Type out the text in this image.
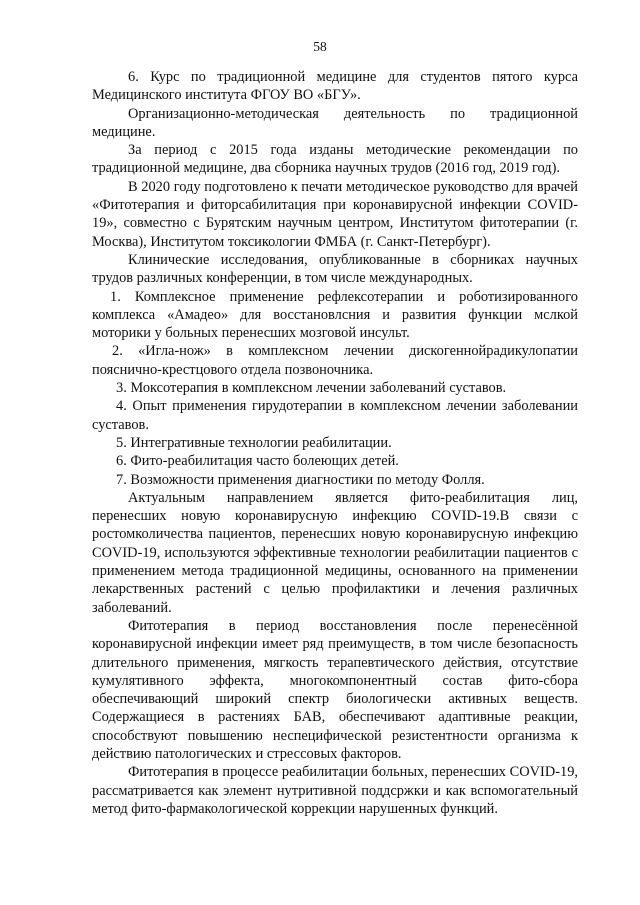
58

6. Курс по традиционной медицине для студентов пятого курса Медицинского института ФГОУ ВО «БГУ».

Организационно-методическая деятельность по традиционной медицине.

За период с 2015 года изданы методические рекомендации по традиционной медицине, два сборника научных трудов (2016 год, 2019 год).

В 2020 году подготовлено к печати методическое руководство для врачей «Фитотерапия и фиторсабилитация при коронавирусной инфекции COVID-19», совместно с Бурятским научным центром, Институтом фитотерапии (г. Москва), Институтом токсикологии ФМБА (г. Санкт-Петербург).

Клинические исследования, опубликованные в сборниках научных трудов различных конференции, в том числе международных.

1. Комплексное применение рефлексотерапии и роботизированного комплекса «Амадео» для восстановлсния и развития функции мслкой моторики у больных перенесших мозговой инсульт.

2. «Игла-нож» в комплексном лечении дискогеннойрадикулопатии пояснично-крестцового отдела позвоночника.

3. Моксотерапия в комплексном лечении заболеваний суставов.

4. Опыт применения гирудотерапии в комплексном лечении заболевании суставов.

5. Интегративные технологии реабилитации.

6. Фито-реабилитация часто болеющих детей.

7. Возможности применения диагностики по методу Фолля.

Актуальным направлением является фито-реабилитация лиц, перенесших новую коронавирусную инфекцию COVID-19.В связи с ростомколичества пациентов, перенесших новую коронавирусную инфекцию COVID-19, используются эффективные технологии реабилитации пациентов с применением метода традиционной медицины, основанного на применении лекарственных растений с целью профилактики и лечения различных заболеваний.

Фитотерапия в период восстановления после перенесённой коронавирусной инфекции имеет ряд преимуществ, в том числе безопасность длительного применения, мягкость терапевтического действия, отсутствие кумулятивного эффекта, многокомпонентный состав фито-сбора обеспечивающий широкий спектр биологически активных веществ. Содержащиеся в растениях БАВ, обеспечивают адаптивные реакции, способствуют повышению неспецифической резистентности организма к действию патологических и стрессовых факторов.

Фитотерапия в процессе реабилитации больных, перенесших COVID-19, рассматривается как элемент нутритивной поддсржки и как вспомогательный метод фито-фармакологической коррекции нарушенных функций.
